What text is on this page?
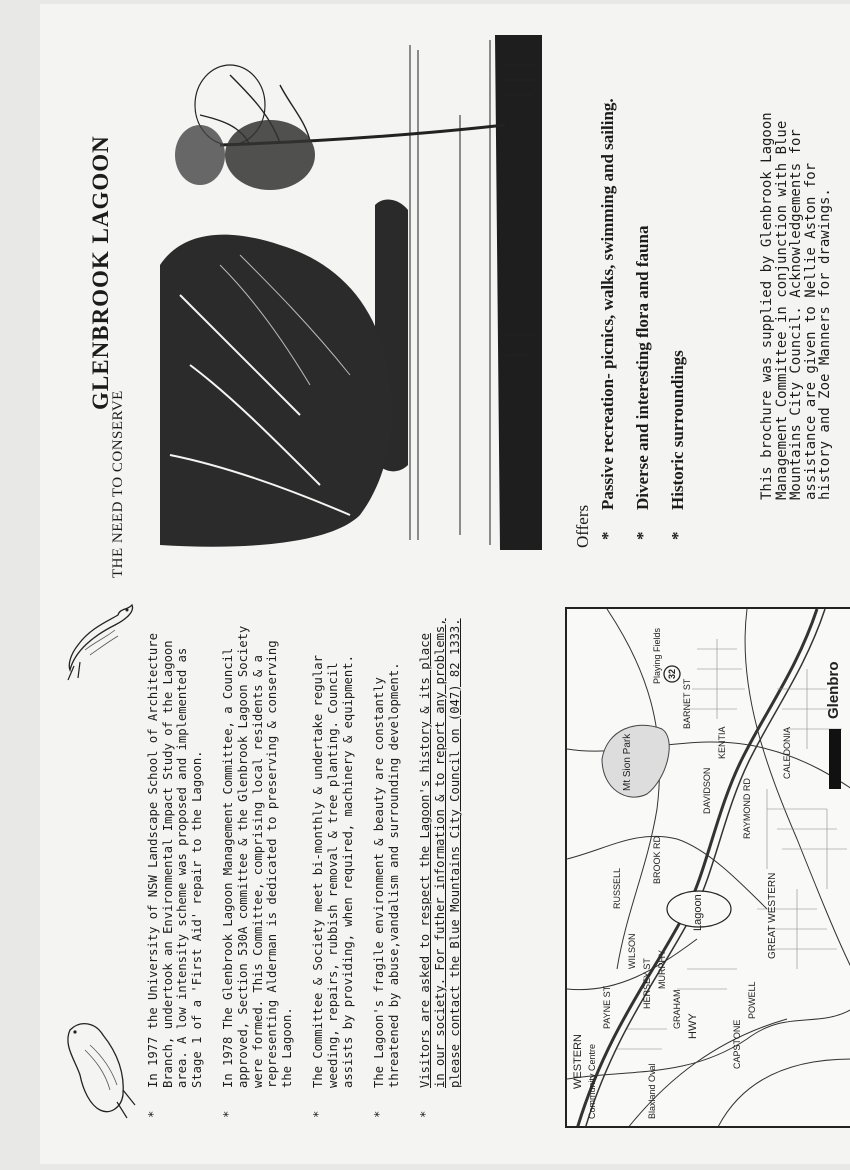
THE NEED TO CONSERVE
* In 1977 the University of NSW Landscape School of Architecture Branch, undertook an Environmental Impact Study of the Lagoon area. A low intensity scheme was proposed and implemented as Stage 1 of a 'First Aid' repair to the Lagoon. * In 1978 The Glenbrook Lagoon Management Committee, a Council approved, Section 530A committee & the Glenbrook Lagoon Society were formed. This Committee, comprising local residents & a representing Alderman is dedicated to preserving & conserving the Lagoon. * The Committee & Society meet bi-monthly & undertake regular weeding, repairs, rubbish removal & tree planting. Council assists by providing, when required, machinery & equipment. * The Lagoon's fragile environment & beauty are constantly threatened by abuse,vandalism and surrounding development. * Visitors are asked to respect the Lagoon's history & its place in our society. For futher information & to report any problems, please contact the Blue Mountains City Council on (047) 82 1333.
GLENBROOK LAGOON
Offers
* Passive recreation- picnics, walks, swimming and sailing. * Diverse and interesting flora and fauna * Historic surroundings	This brochure was supplied by Glenbrook Lagoon Management Committee in conjunction with Blue Mountains City Council. Acknowledgements for assistance are given to Nellie Aston for history and Zoe Manners for drawings.
Glenbro
Lagoon
Mt Sion Park
Playing Fields
Community Centre	Blaxland Oval
WESTERN
GREAT WESTERN
HWY
32
BARNET ST
DAVIDSON
BROOK RD
RAYMOND RD
CAPSTONE
PAYNE ST
WILSON
HERSEY ST
GRAHAM
MURPHY
POWELL
RUSSELL
KENTIA	CALEDONIA
